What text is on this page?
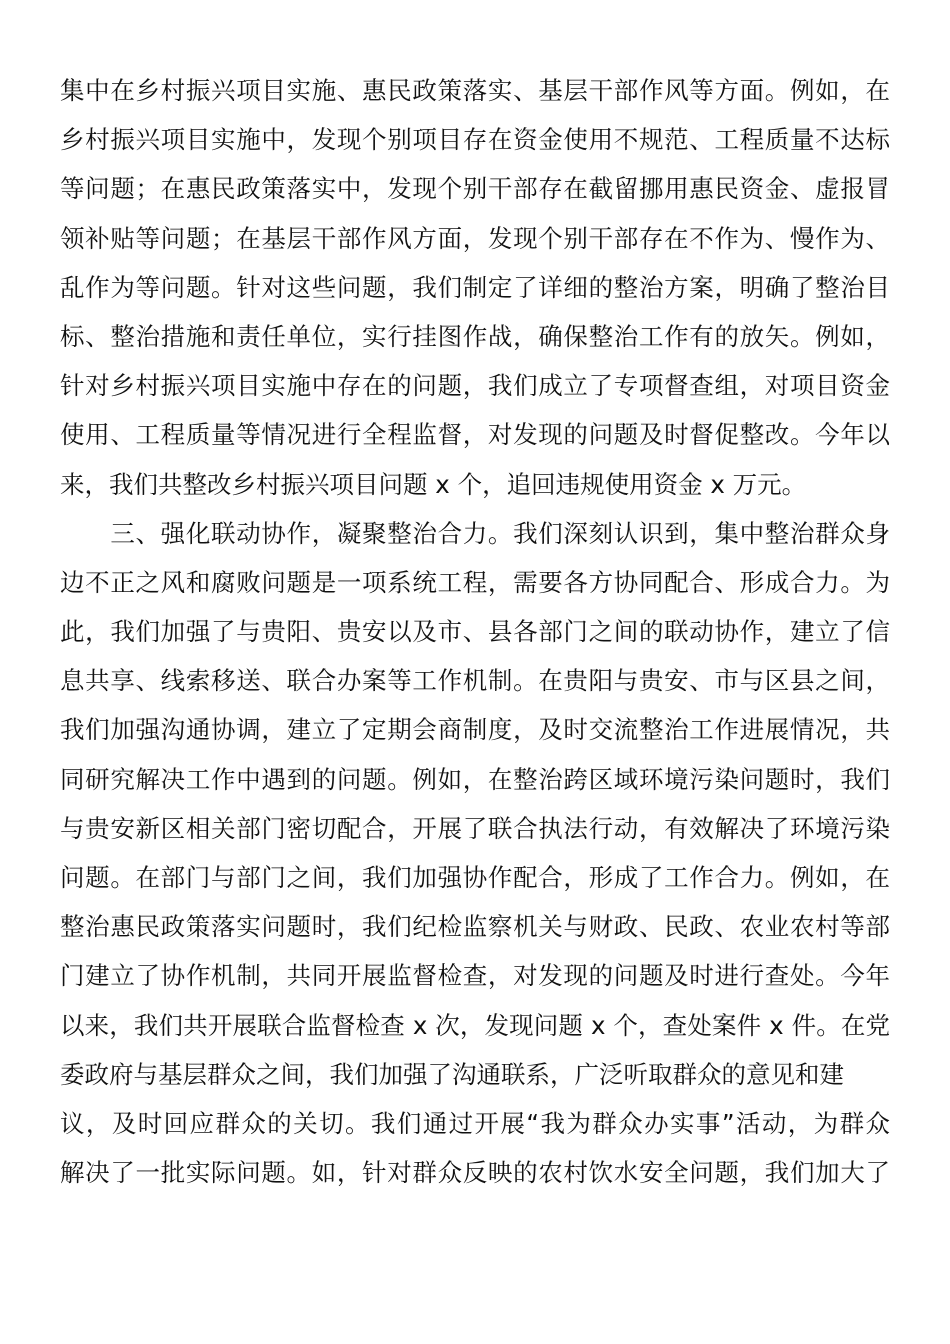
集中在乡村振兴项目实施、惠民政策落实、基层干部作风等方面。例如，在
乡村振兴项目实施中，发现个别项目存在资金使用不规范、工程质量不达标
等问题；在惠民政策落实中，发现个别干部存在截留挪用惠民资金、虚报冒
领补贴等问题；在基层干部作风方面，发现个别干部存在不作为、慢作为、
乱作为等问题。针对这些问题，我们制定了详细的整治方案，明确了整治目
标、整治措施和责任单位，实行挂图作战，确保整治工作有的放矢。例如，
针对乡村振兴项目实施中存在的问题，我们成立了专项督查组，对项目资金
使用、工程质量等情况进行全程监督，对发现的问题及时督促整改。今年以
来，我们共整改乡村振兴项目问题 x 个，追回违规使用资金 x 万元。
　　三、强化联动协作，凝聚整治合力。我们深刻认识到，集中整治群众身
边不正之风和腐败问题是一项系统工程，需要各方协同配合、形成合力。为
此，我们加强了与贵阳、贵安以及市、县各部门之间的联动协作，建立了信
息共享、线索移送、联合办案等工作机制。在贵阳与贵安、市与区县之间，
我们加强沟通协调，建立了定期会商制度，及时交流整治工作进展情况，共
同研究解决工作中遇到的问题。例如，在整治跨区域环境污染问题时，我们
与贵安新区相关部门密切配合，开展了联合执法行动，有效解决了环境污染
问题。在部门与部门之间，我们加强协作配合，形成了工作合力。例如，在
整治惠民政策落实问题时，我们纪检监察机关与财政、民政、农业农村等部
门建立了协作机制，共同开展监督检查，对发现的问题及时进行查处。今年
以来，我们共开展联合监督检查 x 次，发现问题 x 个，查处案件 x 件。在党
委政府与基层群众之间，我们加强了沟通联系，广泛听取群众的意见和建
议，及时回应群众的关切。我们通过开展“我为群众办实事”活动，为群众
解决了一批实际问题。如，针对群众反映的农村饮水安全问题，我们加大了
